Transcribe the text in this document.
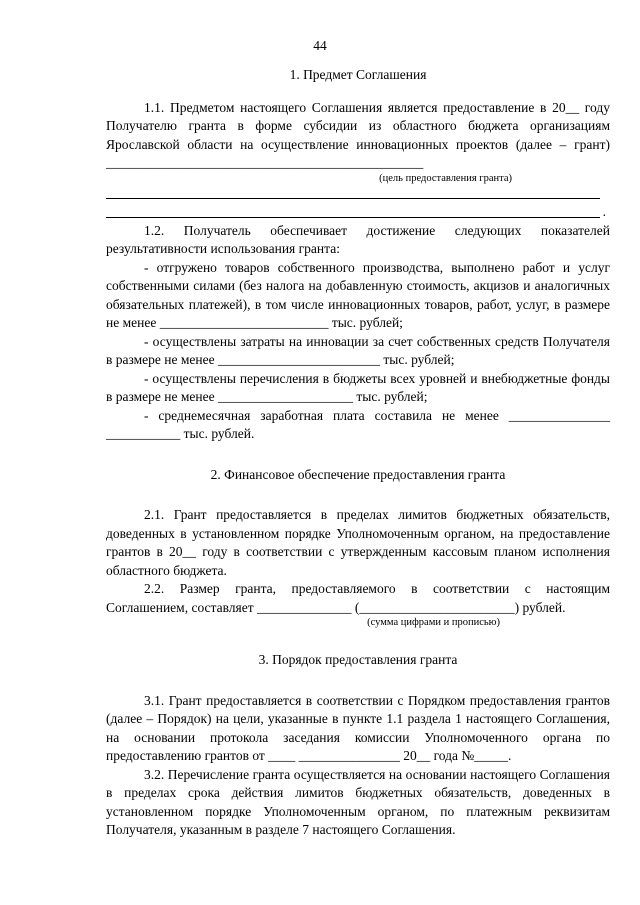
44

1. Предмет Соглашения

1.1. Предметом настоящего Соглашения является предоставление в 20__ году Получателю гранта в форме субсидии из областного бюджета организациям Ярославской области на осуществление инновационных проектов (далее – грант) _______________________________________________

(цель предоставления гранта)

.

1.2. Получатель обеспечивает достижение следующих показателей результативности использования гранта:

- отгружено товаров собственного производства, выполнено работ и услуг собственными силами (без налога на добавленную стоимость, акцизов и аналогичных обязательных платежей), в том числе инновационных товаров, работ, услуг, в размере не менее _________________________ тыс. рублей;

- осуществлены затраты на инновации за счет собственных средств Получателя в размере не менее ________________________ тыс. рублей;

- осуществлены перечисления в бюджеты всех уровней и внебюджетные фонды в размере не менее ____________________ тыс. рублей;

- среднемесячная заработная плата составила не менее _______________ ___________ тыс. рублей.

2. Финансовое обеспечение предоставления гранта

2.1. Грант предоставляется в пределах лимитов бюджетных обязательств, доведенных в установленном порядке Уполномоченным органом, на предоставление грантов в 20__ году в соответствии с утвержденным кассовым планом исполнения областного бюджета.

2.2. Размер гранта, предоставляемого в соответствии с настоящим Соглашением, составляет ______________ (_______________________) рублей.

(сумма цифрами и прописью)

3. Порядок предоставления гранта

3.1. Грант предоставляется в соответствии с Порядком предоставления грантов (далее – Порядок) на цели, указанные в пункте 1.1 раздела 1 настоящего Соглашения, на основании протокола заседания комиссии Уполномоченного органа по предоставлению грантов от ____ _______________ 20__ года №_____.

3.2. Перечисление гранта осуществляется на основании настоящего Соглашения в пределах срока действия лимитов бюджетных обязательств, доведенных в установленном порядке Уполномоченным органом, по платежным реквизитам Получателя, указанным в разделе 7 настоящего Соглашения.
